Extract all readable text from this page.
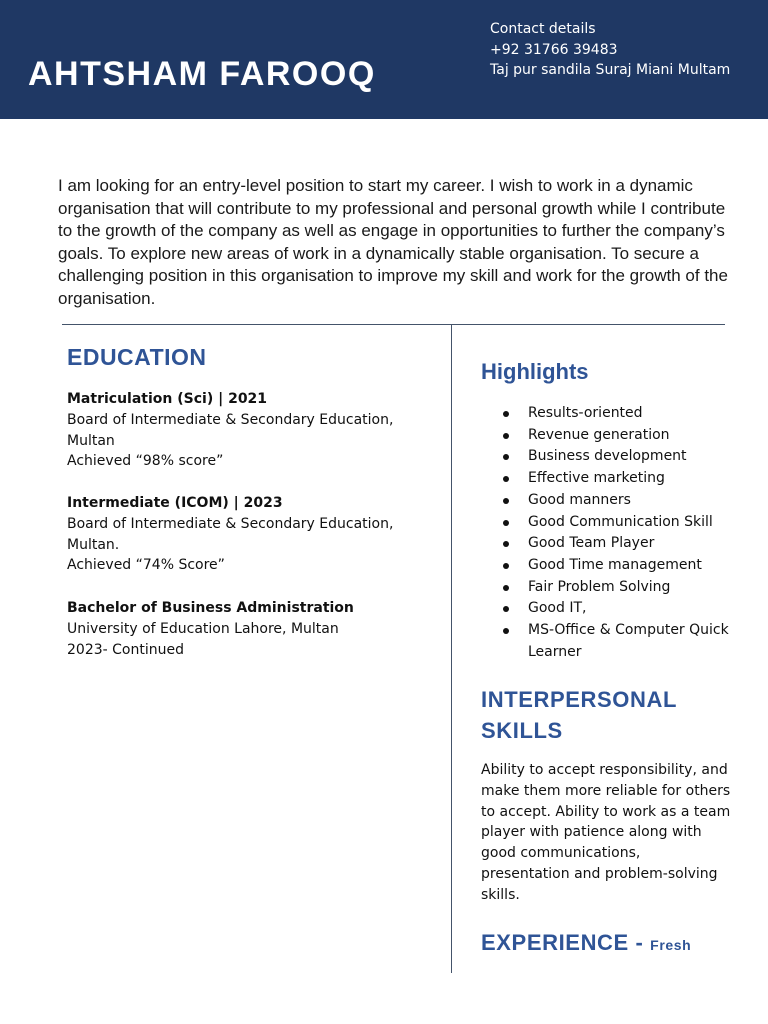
AHTSHAM FAROOQ
Contact details
+92 31766 39483
Taj pur sandila Suraj Miani Multam
I am looking for an entry-level position to start my career. I wish to work in a dynamic organisation that will contribute to my professional and personal growth while I contribute to the growth of the company as well as engage in opportunities to further the company’s goals. To explore new areas of work in a dynamically stable organisation. To secure a challenging position in this organisation to improve my skill and work for the growth of the organisation.
EDUCATION
Matriculation (Sci) | 2021
Board of Intermediate & Secondary Education, Multan
Achieved “98% score”
Intermediate (ICOM) | 2023
Board of Intermediate & Secondary Education, Multan.
Achieved “74% Score”
Bachelor of Business Administration
University of Education Lahore, Multan
2023- Continued
Highlights
Results-oriented
Revenue generation
Business development
Effective marketing
Good manners
Good Communication Skill
Good Team Player
Good Time management
Fair Problem Solving
Good IT,
MS-Office & Computer Quick Learner
INTERPERSONAL SKILLS
Ability to accept responsibility, and make them more reliable for others to accept. Ability to work as a team player with patience along with good communications, presentation and problem-solving skills.
EXPERIENCE - Fresh
